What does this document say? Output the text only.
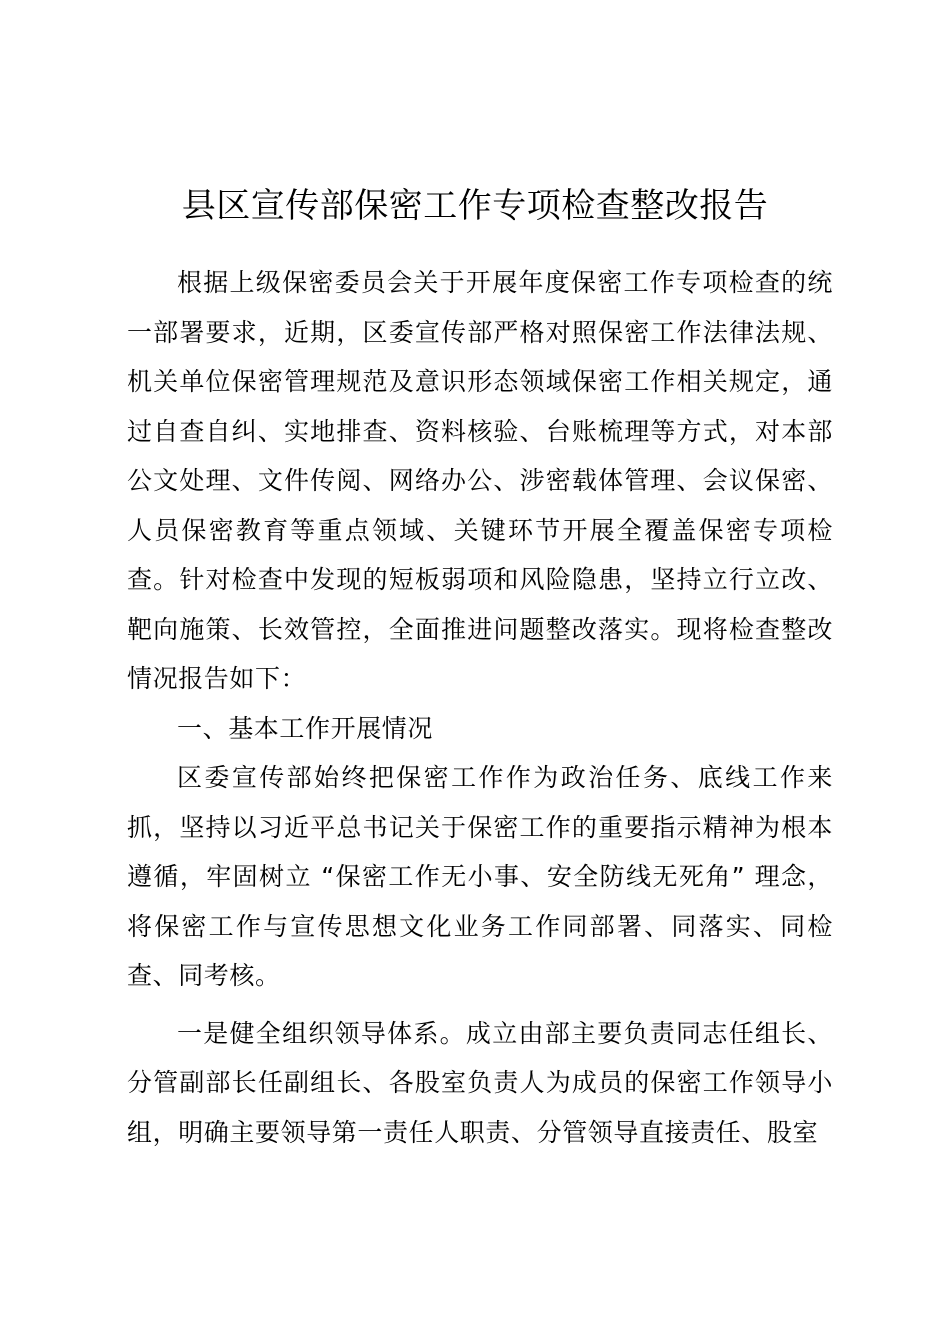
县区宣传部保密工作专项检查整改报告

根据上级保密委员会关于开展年度保密工作专项检查的统一部署要求，近期，区委宣传部严格对照保密工作法律法规、机关单位保密管理规范及意识形态领域保密工作相关规定，通过自查自纠、实地排查、资料核验、台账梳理等方式，对本部公文处理、文件传阅、网络办公、涉密载体管理、会议保密、人员保密教育等重点领域、关键环节开展全覆盖保密专项检查。针对检查中发现的短板弱项和风险隐患，坚持立行立改、靶向施策、长效管控，全面推进问题整改落实。现将检查整改情况报告如下：

一、基本工作开展情况

区委宣传部始终把保密工作作为政治任务、底线工作来抓，坚持以习近平总书记关于保密工作的重要指示精神为根本遵循，牢固树立 “保密工作无小事、安全防线无死角” 理念，将保密工作与宣传思想文化业务工作同部署、同落实、同检查、同考核。

一是健全组织领导体系。成立由部主要负责同志任组长、分管副部长任副组长、各股室负责人为成员的保密工作领导小组，明确主要领导第一责任人职责、分管领导直接责任、股室
